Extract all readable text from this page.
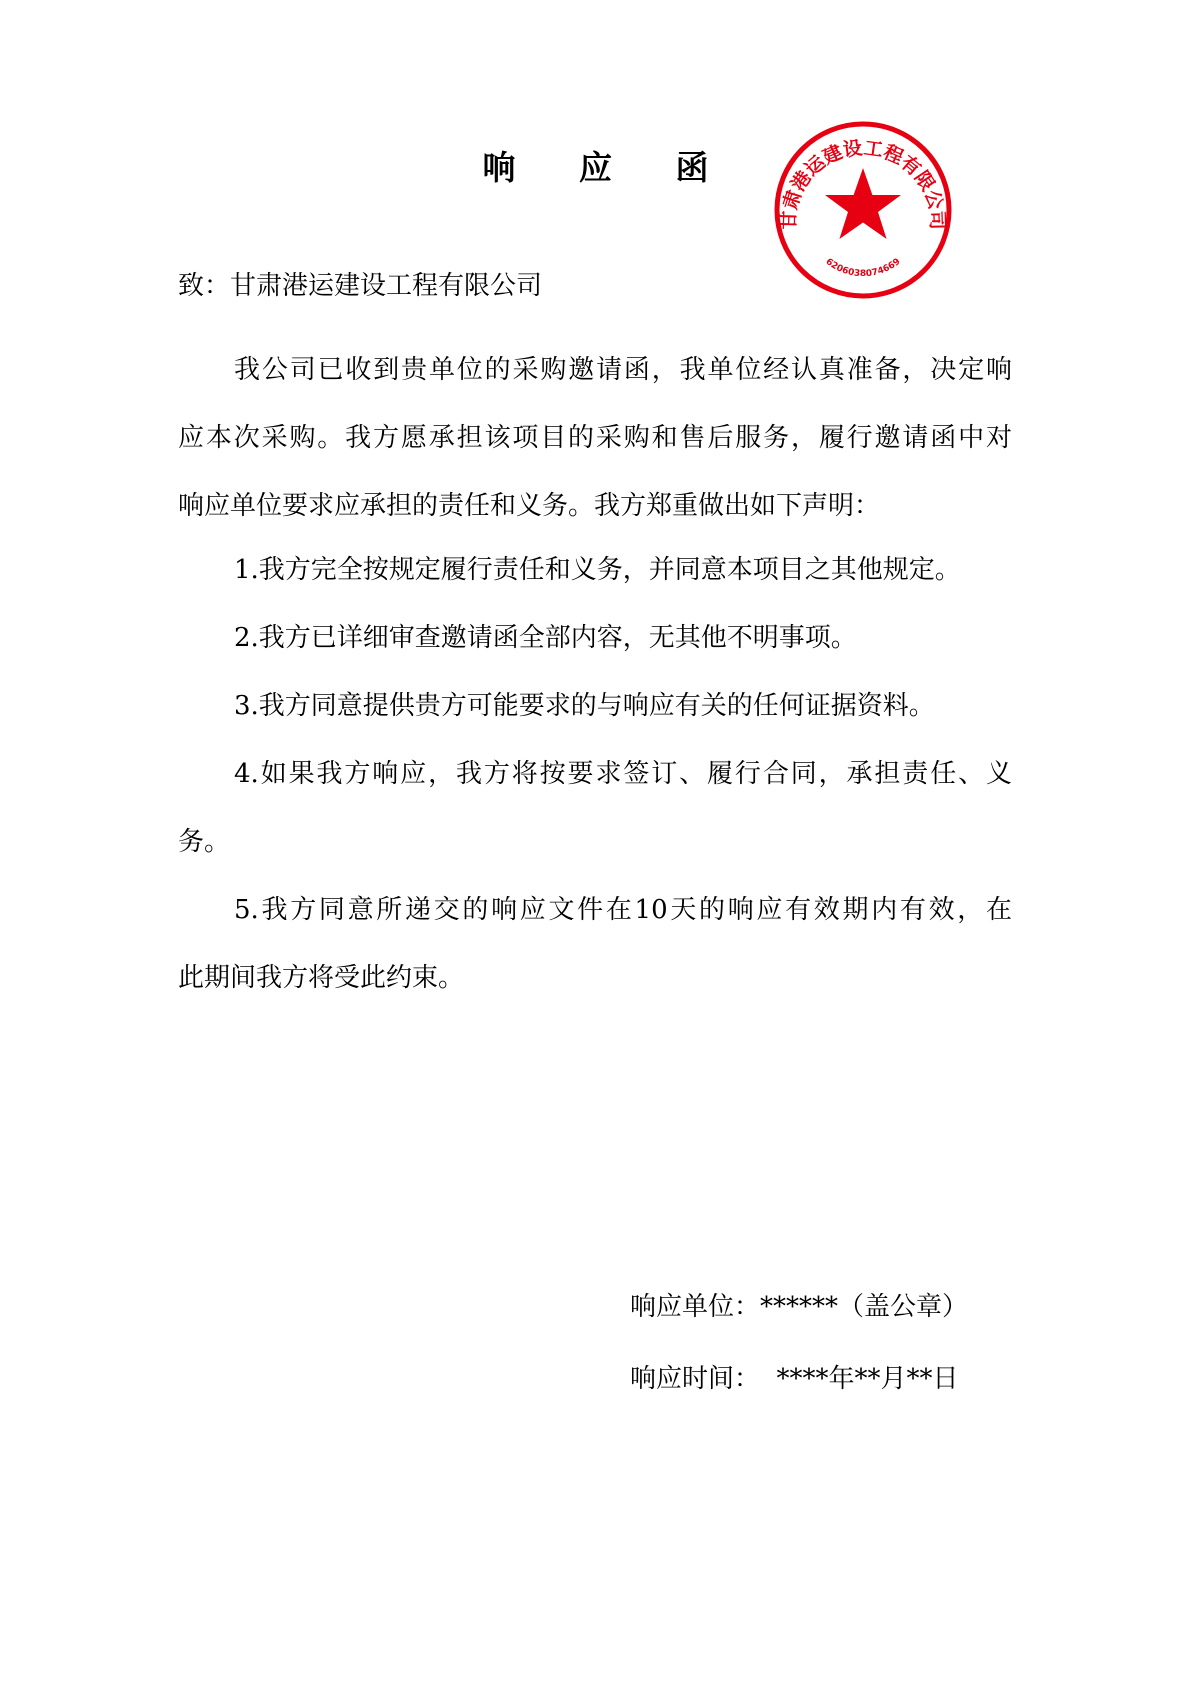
响 应 函
甘肃港运建设工程有限公司
6206038074669
致：甘肃港运建设工程有限公司
我公司已收到贵单位的采购邀请函，我单位经认真准备，决定响
应本次采购。我方愿承担该项目的采购和售后服务，履行邀请函中对
响应单位要求应承担的责任和义务。我方郑重做出如下声明：
1.我方完全按规定履行责任和义务，并同意本项目之其他规定。
2.我方已详细审查邀请函全部内容，无其他不明事项。
3.我方同意提供贵方可能要求的与响应有关的任何证据资料。
4.如果我方响应，我方将按要求签订、履行合同，承担责任、义
务。
5.我方同意所递交的响应文件在10天的响应有效期内有效，在
此期间我方将受此约束。
响应单位：******（盖公章）
响应时间：  ****年**月**日
